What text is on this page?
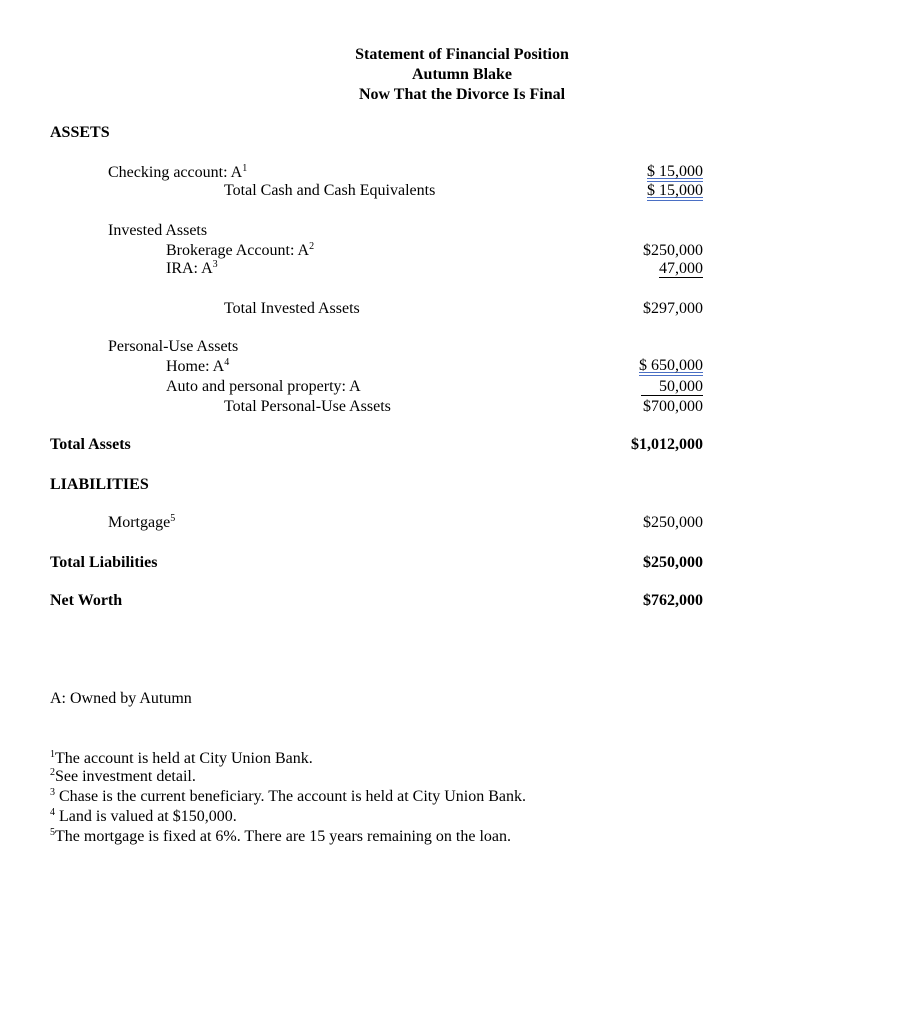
Statement of Financial Position
Autumn Blake
Now That the Divorce Is Final
ASSETS
Checking account: $A^1$	$ 15,000
Total Cash and Cash Equivalents	$ 15,000
Invested Assets
Brokerage Account: $A^2$	$250,000
IRA: $A^3$	47,000
Total Invested Assets	$297,000
Personal-Use Assets
Home: $A^4$	$ 650,000
Auto and personal property: A	50,000
Total Personal-Use Assets	$700,000
Total Assets	$1,012,000
LIABILITIES
Mortgage$^5$	$250,000
Total Liabilities	$250,000
Net Worth	$762,000
A: Owned by Autumn
$^1$The account is held at City Union Bank.
$^2$See investment detail.
$^3$ Chase is the current beneficiary. The account is held at City Union Bank.
$^4$ Land is valued at $150,000.
$^5$The mortgage is fixed at 6%. There are 15 years remaining on the loan.
